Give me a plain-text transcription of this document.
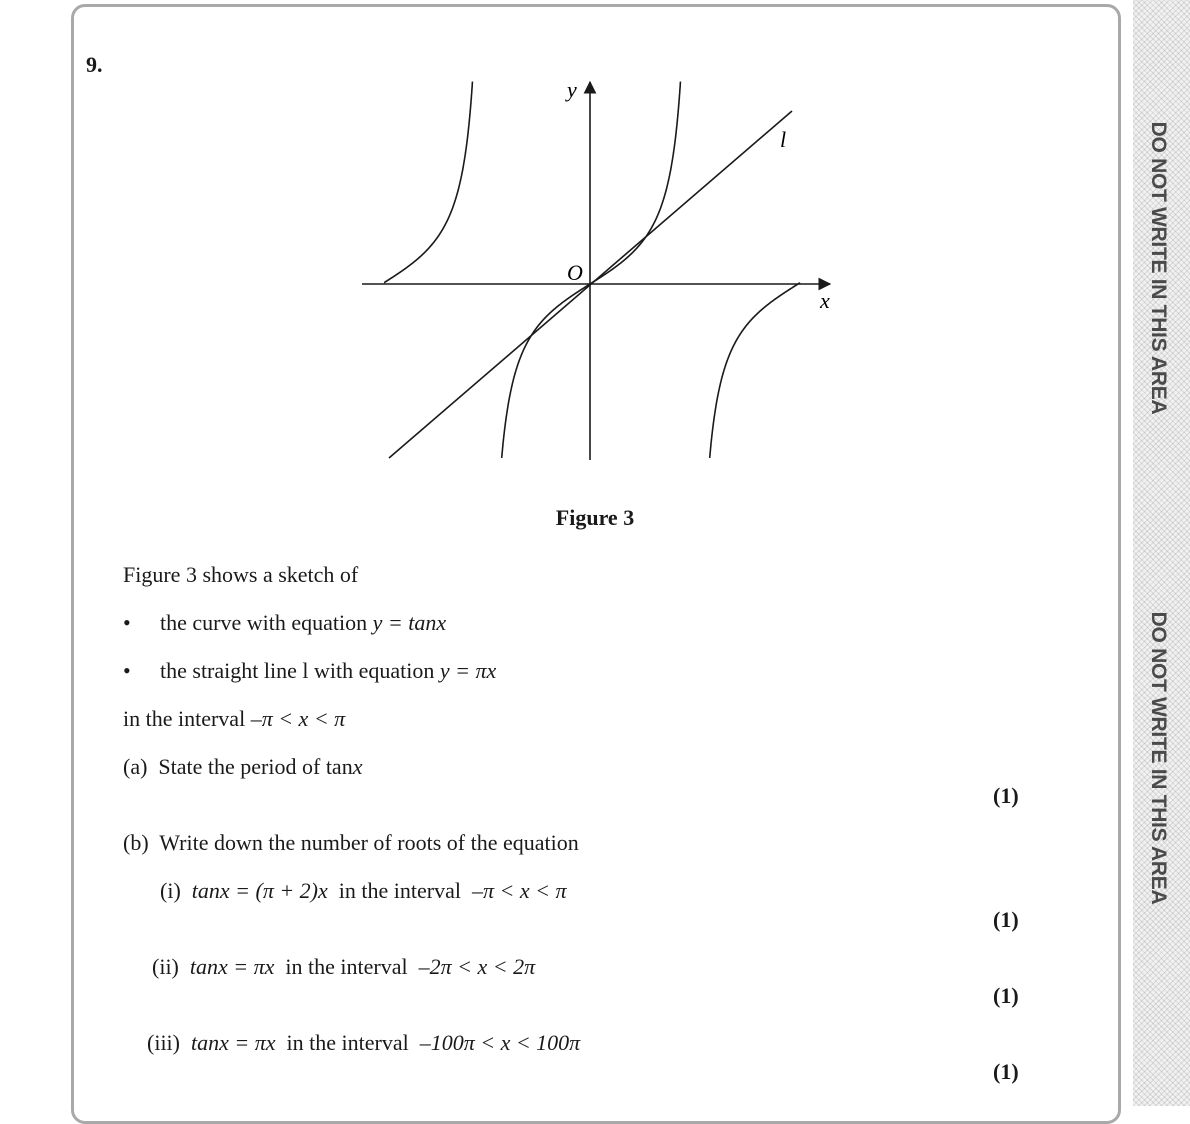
DO NOT WRITE IN THIS AREA
DO NOT WRITE IN THIS AREA
9.
y
x
O
l
Figure 3
Figure 3 shows a sketch of
• the curve with equation y = tanx
• the straight line l with equation y = πx
in the interval –π < x < π
(a) State the period of tanx
(1)
(b) Write down the number of roots of the equation
(i) tanx = (π + 2)x in the interval –π < x < π
(1)
(ii) tanx = πx in the interval –2π < x < 2π
(1)
(iii) tanx = πx in the interval –100π < x < 100π
(1)
